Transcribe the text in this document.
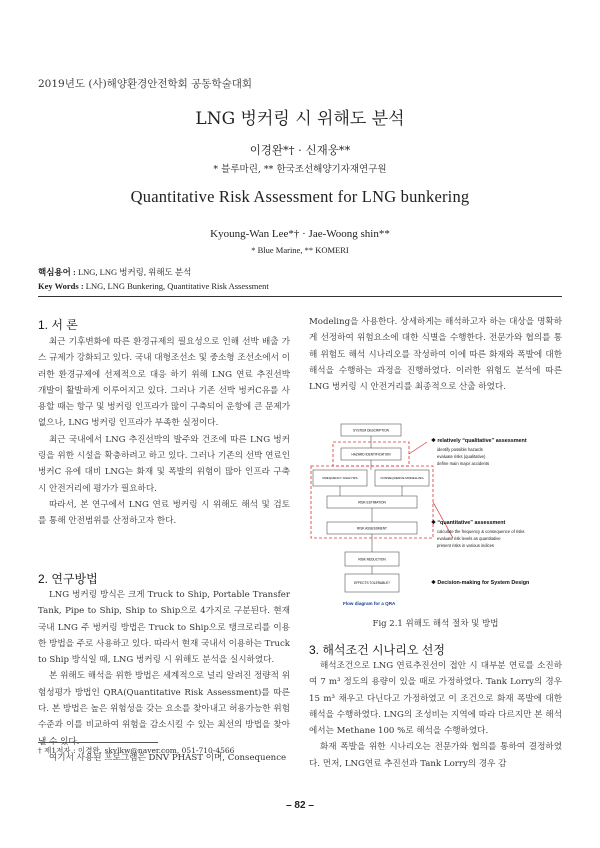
2019년도 (사)해양환경안전학회 공동학술대회
LNG 벙커링 시 위해도 분석
이경완*† · 신재웅**
* 블루마린, ** 한국조선해양기자재연구원
Quantitative Risk Assessment for LNG bunkering
Kyoung-Wan Lee*† · Jae-Woong shin**
* Blue Marine, ** KOMERI
핵심용어 : LNG, LNG 벙커링, 위해도 분석
Key Words : LNG, LNG Bunkering, Quantitative Risk Assessment
1. 서 론

최근 기후변화에 따른 환경규제의 필요성으로 인해 선박 배출 가스 규제가 강화되고 있다. 국내 대형조선소 및 중소형 조선소에서 이러한 환경규제에 선제적으로 대응 하기 위해 LNG 연료 추진선박 개발이 활발하게 이루어지고 있다. 그러나 기존 선박 벙커C유를 사용할 때는 항구 및 벙커링 인프라가 많이 구축되어 운항에 큰 문제가 없으나, LNG 벙커링 인프라가 부족한 실정이다.

최근 국내에서 LNG 추진선박의 발주와 건조에 따른 LNG 벙커링을 위한 시설을 확충하려고 하고 있다. 그러나 기존의 선박 연료인 벙커C 유에 대비 LNG는 화재 및 폭발의 위험이 많아 인프라 구축 시 안전거리에 평가가 필요하다.

따라서, 본 연구에서 LNG 연료 벙커링 시 위해도 해석 및 검토를 통해 안전범위를 산정하고자 한다.

2. 연구방법

LNG 벙커링 방식은 크게 Truck to Ship, Portable Transfer Tank, Pipe to Ship, Ship to Ship으로 4가지로 구분된다. 현재 국내 LNG 주 벙커링 방법은 Truck to Ship으로 탱크로리를 이용한 방법을 주로 사용하고 있다. 따라서 현재 국내서 이용하는 Truck to Ship 방식일 때, LNG 벙커링 시 위해도 분석을 실시하였다.

본 위해도 해석을 위한 방법은 세계적으로 널리 알려진 정량적 위험성평가 방법인 QRA(Quantitative Risk Assessment)를 따른다. 본 방법은 높은 위험성을 갖는 요소를 찾아내고 허용가능한 위험수준과 이를 비교하여 위험을 감소시킬 수 있는 최선의 방법을 찾아 낼 수 있다.

여기서 사용된 프로그램은 DNV PHAST 이며, Consequence

† 제1저자 : 이경완, skylkw@naver.com, 051-710-4566

Modeling을 사용한다. 상세하게는 해석하고자 하는 대상을 명확하게 선정하여 위험요소에 대한 식별을 수행한다. 전문가와 협의를 통해 위험도 해석 시나리오를 작성하여 이에 따른 화재와 폭발에 대한 해석을 수행하는 과정을 진행하였다. 이러한 위험도 분석에 따른 LNG 벙커링 시 안전거리를 최종적으로 산출 하였다.

SYSTEM DESCRIPTION
HAZARD IDENTIFICATION
FREQUENCY ANALYSIS	CONSEQUENCE MODELLING
RISK ESTIMATION
RISK ASSESSMENT
RISK REDUCTION
EFFECTS TOLERABLE?
❖ relatively “qualitative” assessment
identify possible hazards
evaluate risks (qualitative)
define main major accidents
❖ “quantitative” assessment
calculate the frequency & consequence of risks
evaluate risk levels as quantitative
present risks in various indices
❖ Decision-making for System Design
Flow diagram for a QRA
Fig 2.1 위해도 해석 절차 및 방법
3. 해석조건 시나리오 선정

해석조건으로 LNG 연료추진선이 접안 시 대부분 연료를 소진하여 7 m³ 정도의 용량이 있을 때로 가정하였다. Tank Lorry의 경우 15 m³ 채우고 다닌다고 가정하였고 이 조건으로 화재 폭발에 대한 해석을 수행하였다. LNG의 조성비는 지역에 따라 다르지만 본 해석에서는 Methane 100 %로 해석을 수행하였다.

화재 폭발을 위한 시나리오는 전문가와 협의를 통하여 결정하였다. 먼저, LNG연료 추진선과 Tank Lorry의 경우 감

– 82 –
